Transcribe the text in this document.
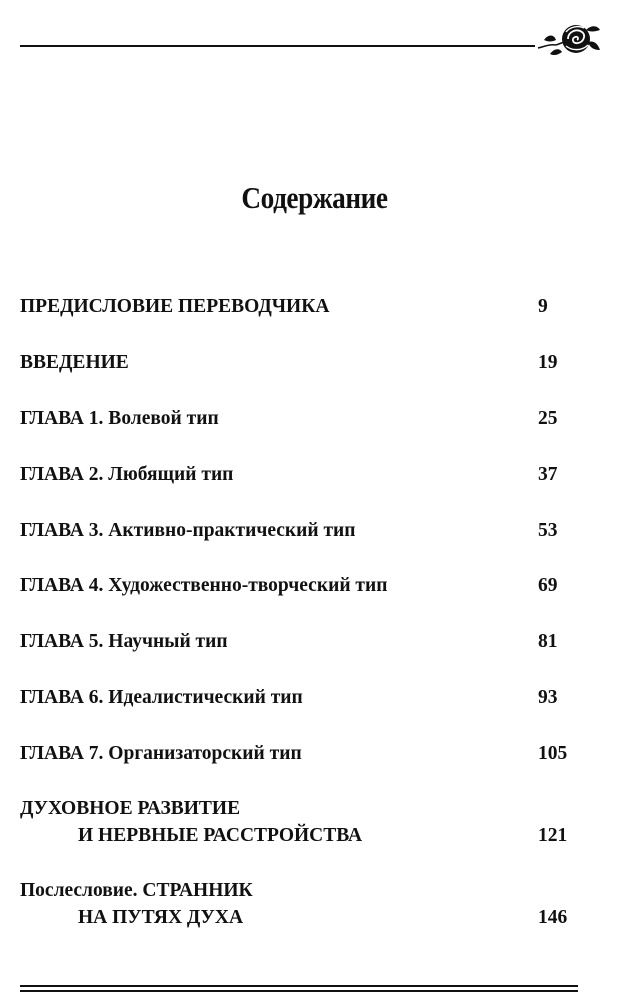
Содержание
ПРЕДИСЛОВИЕ ПЕРЕВОДЧИКА	9
ВВЕДЕНИЕ	19
ГЛАВА 1. Волевой тип	25
ГЛАВА 2. Любящий тип	37
ГЛАВА 3. Активно-практический тип	53
ГЛАВА 4. Художественно-творческий тип	69
ГЛАВА 5. Научный тип	81
ГЛАВА 6. Идеалистический тип	93
ГЛАВА 7. Организаторский тип	105
ДУХОВНОЕ РАЗВИТИЕ
И НЕРВНЫЕ РАССТРОЙСТВА	121
Послесловие. СТРАННИК
НА ПУТЯХ ДУХА	146
